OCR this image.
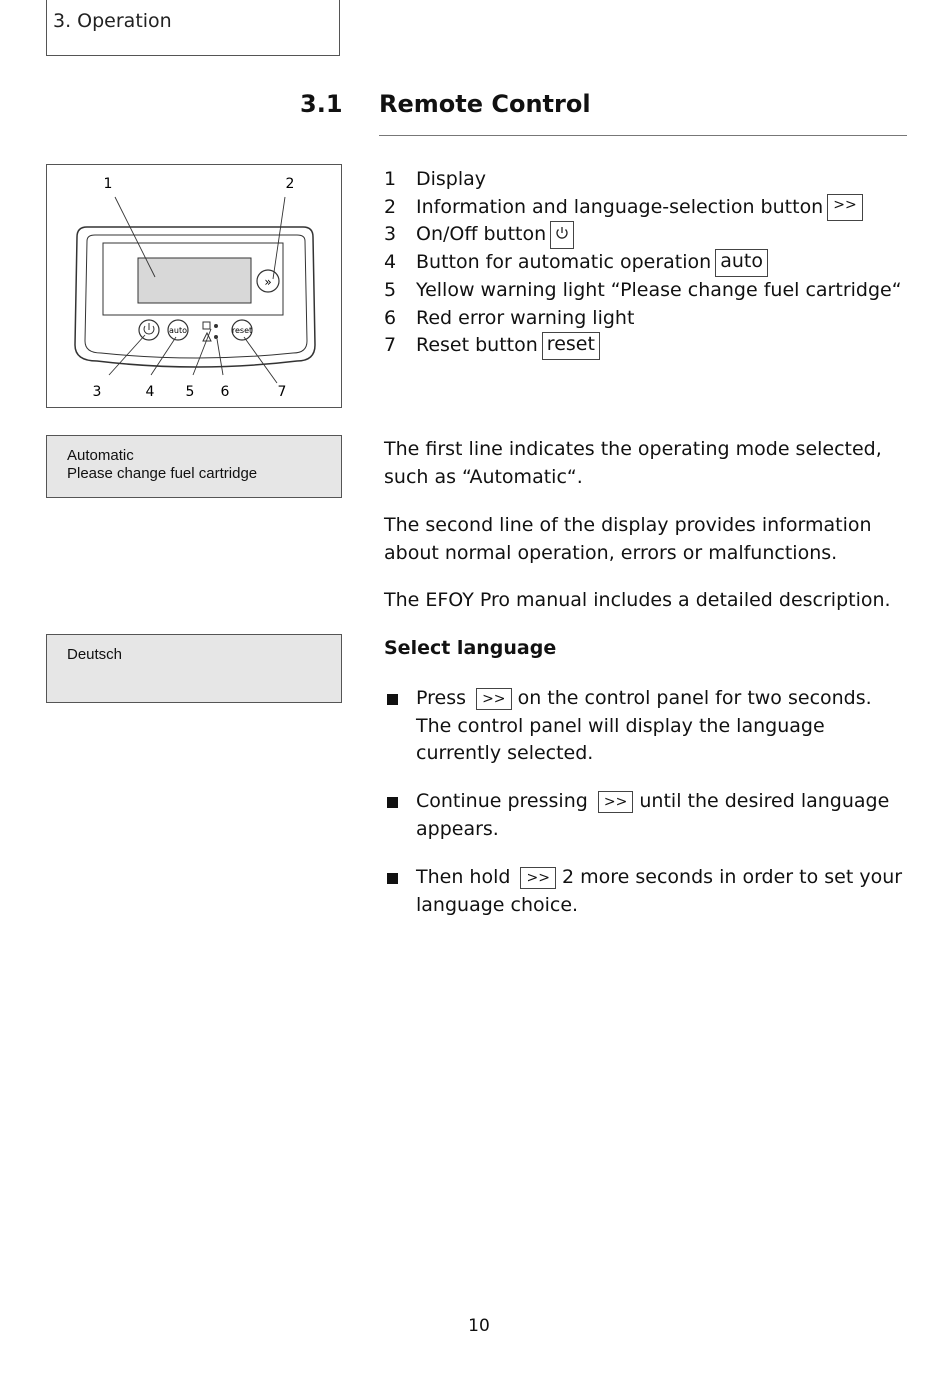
3. Operation
3.1 Remote Control
»
auto	reset
1	2
3	4 5 6	7
1	Display
2	Information and language-selection button >>
3	On/Off button
4	Button for automatic operation auto
5	Yellow warning light “Please change fuel cartridge“
6	Red error warning light
7	Reset button reset
Automatic
Please change fuel cartridge
Deutsch
The first line indicates the operating mode selected, such as “Automatic“.
The second line of the display provides information about normal operation, errors or malfunctions.
The EFOY Pro manual includes a detailed description.
Select language
Press >> on the control panel for two seconds. The control panel will display the language currently selected.
Continue pressing >> until the desired language appears.
Then hold >> 2 more seconds in order to set your language choice.
10
